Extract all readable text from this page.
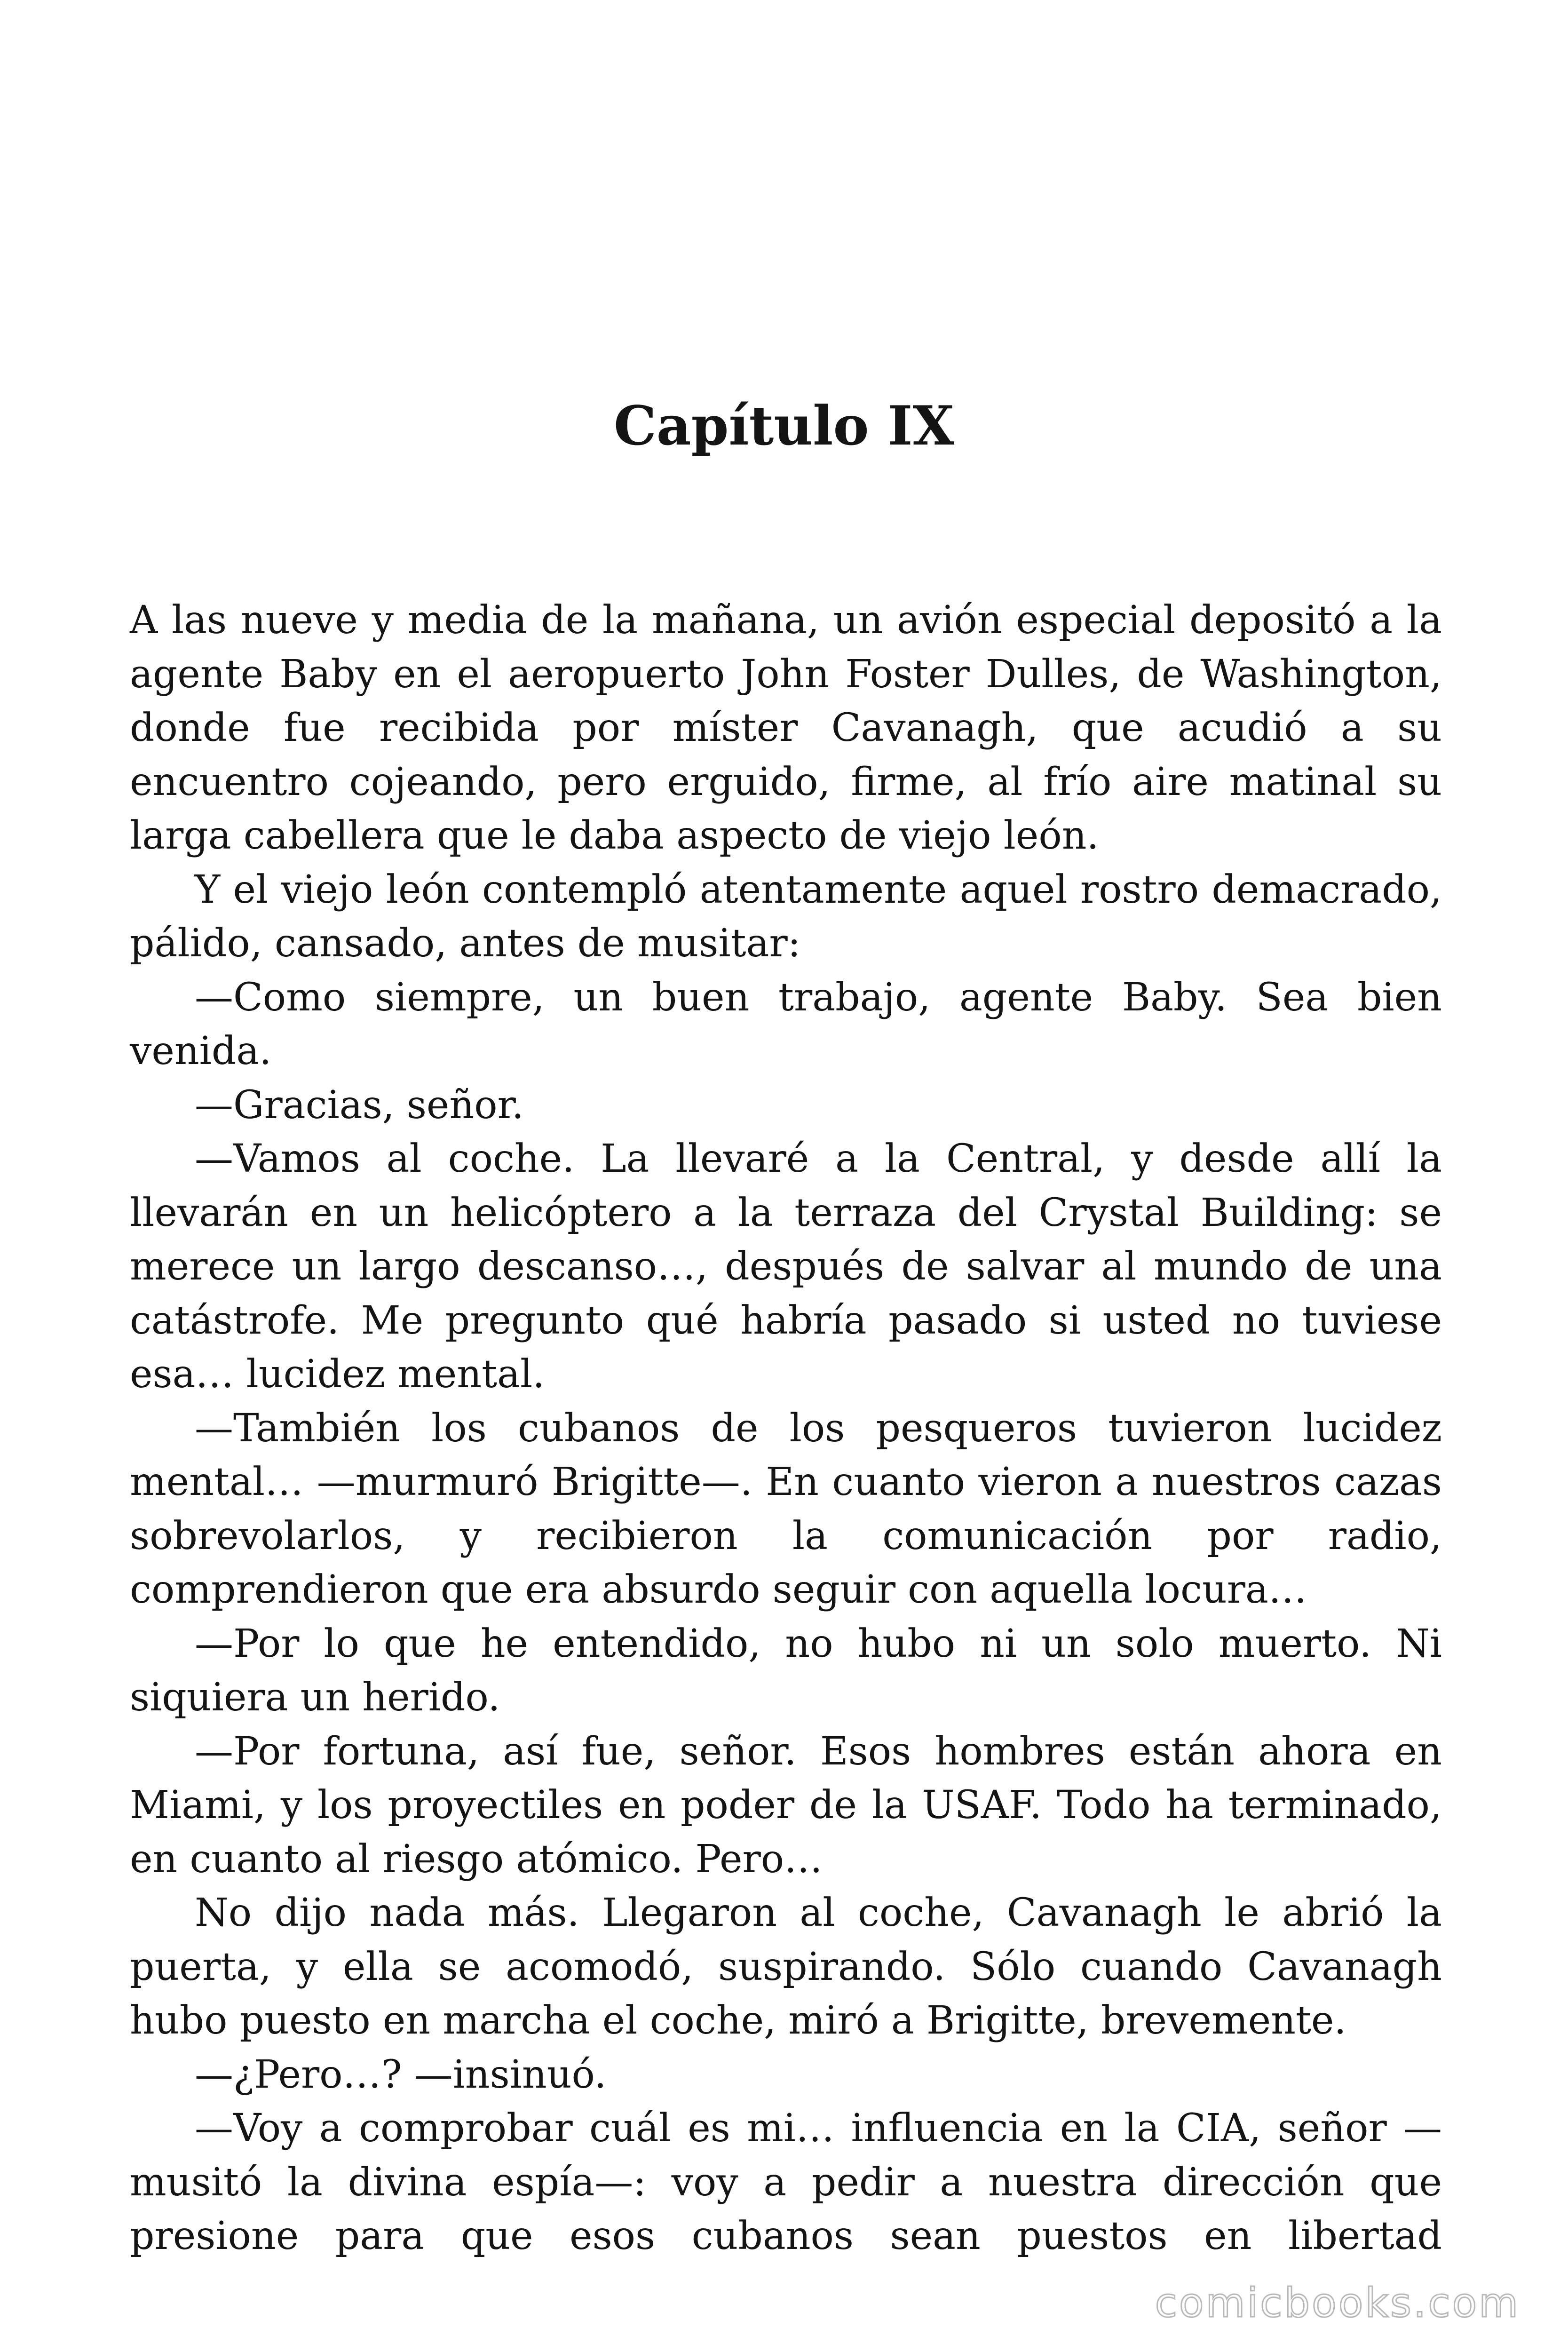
Capítulo IX

A las nueve y media de la mañana, un avión especial depositó a la agente Baby en el aeropuerto John Foster Dulles, de Washington, donde fue recibida por míster Cavanagh, que acudió a su encuentro cojeando, pero erguido, firme, al frío aire matinal su larga cabellera que le daba aspecto de viejo león.

Y el viejo león contempló atentamente aquel rostro demacrado, pálido, cansado, antes de musitar:

—Como siempre, un buen trabajo, agente Baby. Sea bien venida.

—Gracias, señor.

—Vamos al coche. La llevaré a la Central, y desde allí la llevarán en un helicóptero a la terraza del Crystal Building: se merece un largo descanso…, después de salvar al mundo de una catástrofe. Me pregunto qué habría pasado si usted no tuviese esa… lucidez mental.

—También los cubanos de los pesqueros tuvieron lucidez mental… —murmuró Brigitte—. En cuanto vieron a nuestros cazas sobrevolarlos, y recibieron la comunicación por radio, comprendieron que era absurdo seguir con aquella locura…

—Por lo que he entendido, no hubo ni un solo muerto. Ni siquiera un herido.

—Por fortuna, así fue, señor. Esos hombres están ahora en Miami, y los proyectiles en poder de la USAF. Todo ha terminado, en cuanto al riesgo atómico. Pero…

No dijo nada más. Llegaron al coche, Cavanagh le abrió la puerta, y ella se acomodó, suspirando. Sólo cuando Cavanagh hubo puesto en marcha el coche, miró a Brigitte, brevemente.

—¿Pero…? —insinuó.

—Voy a comprobar cuál es mi… influencia en la CIA, señor —musitó la divina espía—: voy a pedir a nuestra dirección que presione para que esos cubanos sean puestos en libertad

comicbooks.com
